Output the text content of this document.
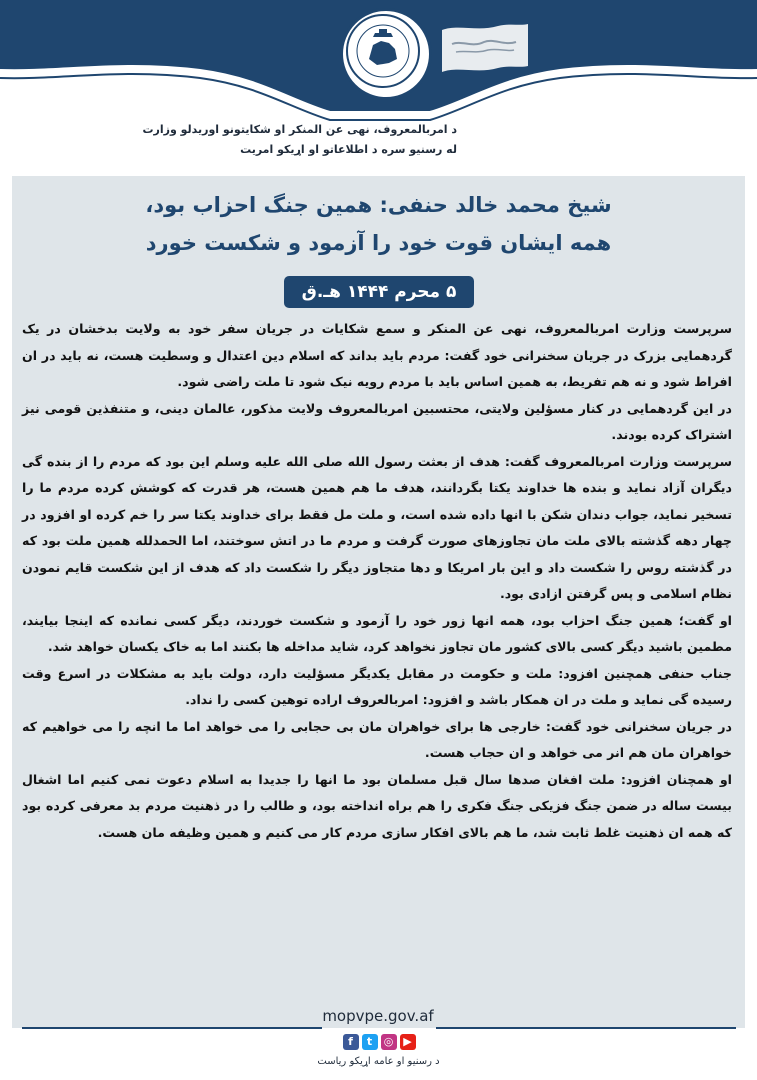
د امربالمعروف، نهی عن المنکر او شکایتونو اوریدلو وزارت
له رسنیو سره د اطلاعاتو او اړیکو امریت
شیخ محمد خالد حنفی: همین جنگ احزاب بود،
همه ایشان قوت خود را آزمود و شکست خورد
۵ محرم ۱۴۴۴ هـ.ق

سرپرست وزارت امربالمعروف، نهی عن المنکر و سمع شکایات در جریان سفر خود به ولایت بدخشان در یک گردهمایی بزرک در جریان سخنرانی خود گفت: مردم باید بداند که اسلام دین اعتدال و وسطیت هست، نه باید در ان افراط شود و نه هم تفریط، به همین اساس باید با مردم رویه نیک شود تا ملت راضی شود.

در این گردهمایی در کنار مسؤلین ولایتی، محتسبین امربالمعروف ولایت مذکور، عالمان دینی، و متنفذین قومی نیز اشتراک کرده بودند.

سرپرست وزارت امربالمعروف گفت: هدف از بعثت رسول الله صلی الله علیه وسلم این بود که مردم را از بنده گی دیگران آزاد نماید و بنده ها خداوند یکتا بگردانند، هدف ما هم همین هست، هر قدرت که کوشش کرده مردم ما را تسخیر نماید، جواب دندان شکن با انها داده شده است، و ملت مل فقط برای خداوند یکتا سر را خم کرده او افزود در چهار دهه گذشته بالای ملت مان تجاوزهای صورت گرفت و مردم ما در اتش سوختند، اما الحمدلله همین ملت بود که در گذشته روس را شکست داد و این بار امریکا و دها متجاوز دیگر را شکست داد که هدف از این شکست قایم نمودن نظام اسلامی و پس گرفتن ازادی بود.

او گفت؛ همین جنگ احزاب بود، همه انها زور خود را آزمود و شکست خوردند، دیگر کسی نمانده که اینجا بیایند، مطمین باشید دیگر کسی بالای کشور مان تجاوز نخواهد کرد، شاید مداخله ها بکنند اما به خاک یکسان خواهد شد.

جناب حنفی همچنین افزود: ملت و حکومت در مقابل یکدیگر مسؤلیت دارد، دولت باید به مشکلات در اسرع وقت رسیده گی نماید و ملت در ان همکار باشد و افزود: امربالعروف اراده توهین کسی را نداد.

در جریان سخنرانی خود گفت: خارجی ها برای خواهران مان بی حجابی را می خواهد اما ما انچه را می خواهیم که خواهران مان هم انر می خواهد و ان حجاب هست.

او همچنان افزود: ملت افغان صدها سال قبل مسلمان بود ما انها را جدیدا به اسلام دعوت نمی کنیم اما اشغال بیست ساله در ضمن جنگ فزیکی جنگ فکری را هم براه انداخته بود، و طالب را در ذهنیت مردم بد معرفی کرده بود که همه ان ذهنیت غلط ثابت شد، ما هم بالای افکار سازی مردم کار می کنیم و همین وظیفه مان هست.

mopvpe.gov.af
f	t	◎ ▶
د رسنیو او عامه اړیکو ریاست
